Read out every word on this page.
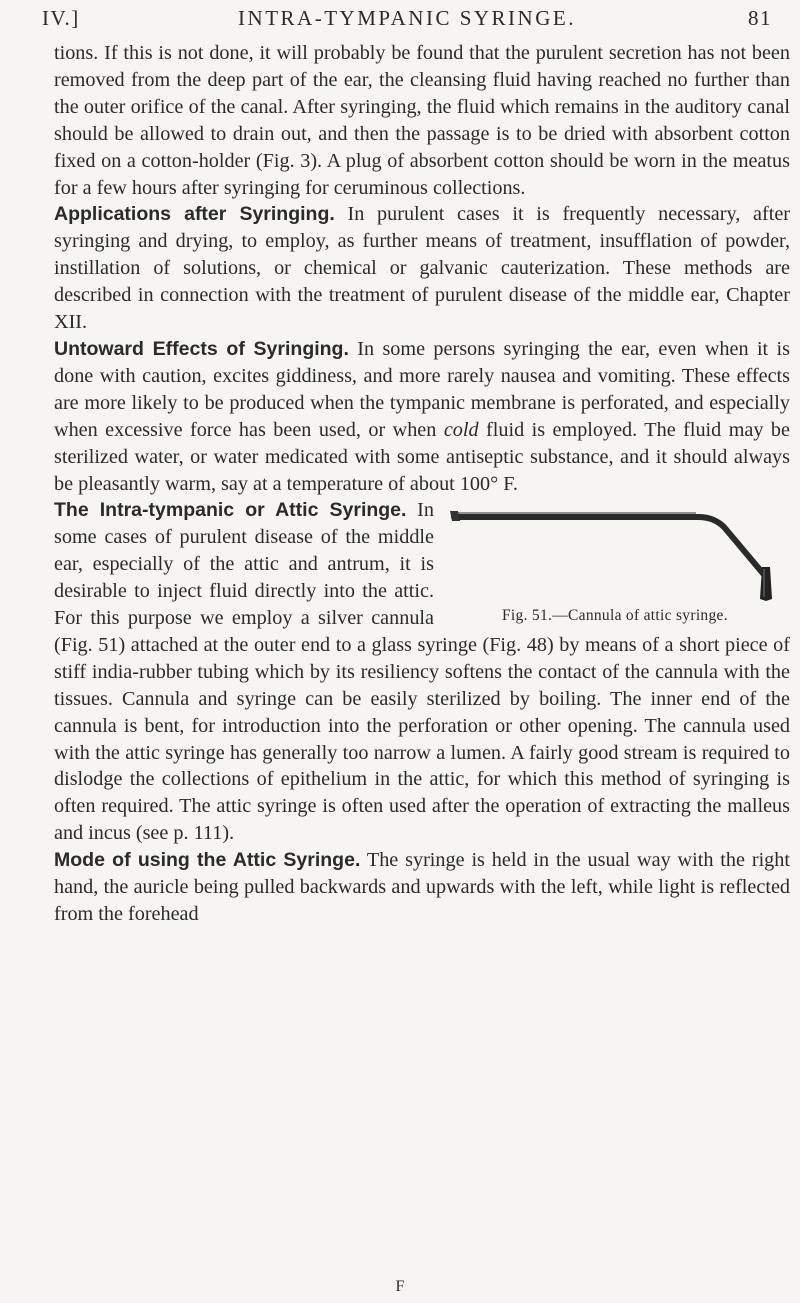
IV.]	INTRA-TYMPANIC SYRINGE.	81

tions. If this is not done, it will probably be found that the purulent secretion has not been removed from the deep part of the ear, the cleansing fluid having reached no further than the outer orifice of the canal. After syringing, the fluid which remains in the auditory canal should be allowed to drain out, and then the passage is to be dried with absorbent cotton fixed on a cotton-holder (Fig. 3). A plug of absorbent cotton should be worn in the meatus for a few hours after syringing for ceruminous collections.

Applications after Syringing. In purulent cases it is frequently necessary, after syringing and drying, to employ, as further means of treatment, insufflation of powder, instillation of solutions, or chemical or galvanic cauterization. These methods are described in connection with the treatment of purulent disease of the middle ear, Chapter XII.

Untoward Effects of Syringing. In some persons syringing the ear, even when it is done with caution, excites giddiness, and more rarely nausea and vomiting. These effects are more likely to be produced when the tympanic membrane is perforated, and especially when excessive force has been used, or when cold fluid is employed. The fluid may be sterilized water, or water medicated with some antiseptic substance, and it should always be pleasantly warm, say at a temperature of about 100° F.

The Intra-tympanic or Attic Syringe.
Fig. 51.—Cannula of attic syringe.
In some cases of purulent disease of the middle ear, especially of the attic and antrum, it is desirable to inject fluid directly into the attic. For this purpose we employ a silver cannula (Fig. 51) attached at the outer end to a glass syringe (Fig. 48) by means of a short piece of stiff india-rubber tubing which by its resiliency softens the contact of the cannula with the tissues. Cannula and syringe can be easily sterilized by boiling. The inner end of the cannula is bent, for introduction into the perforation or other opening. The cannula used with the attic syringe has generally too narrow a lumen. A fairly good stream is required to dislodge the collections of epithelium in the attic, for which this method of syringing is often required. The attic syringe is often used after the operation of extracting the malleus and incus (see p. 111).

Mode of using the Attic Syringe. The syringe is held in the usual way with the right hand, the auricle being pulled backwards and upwards with the left, while light is reflected from the forehead

F
